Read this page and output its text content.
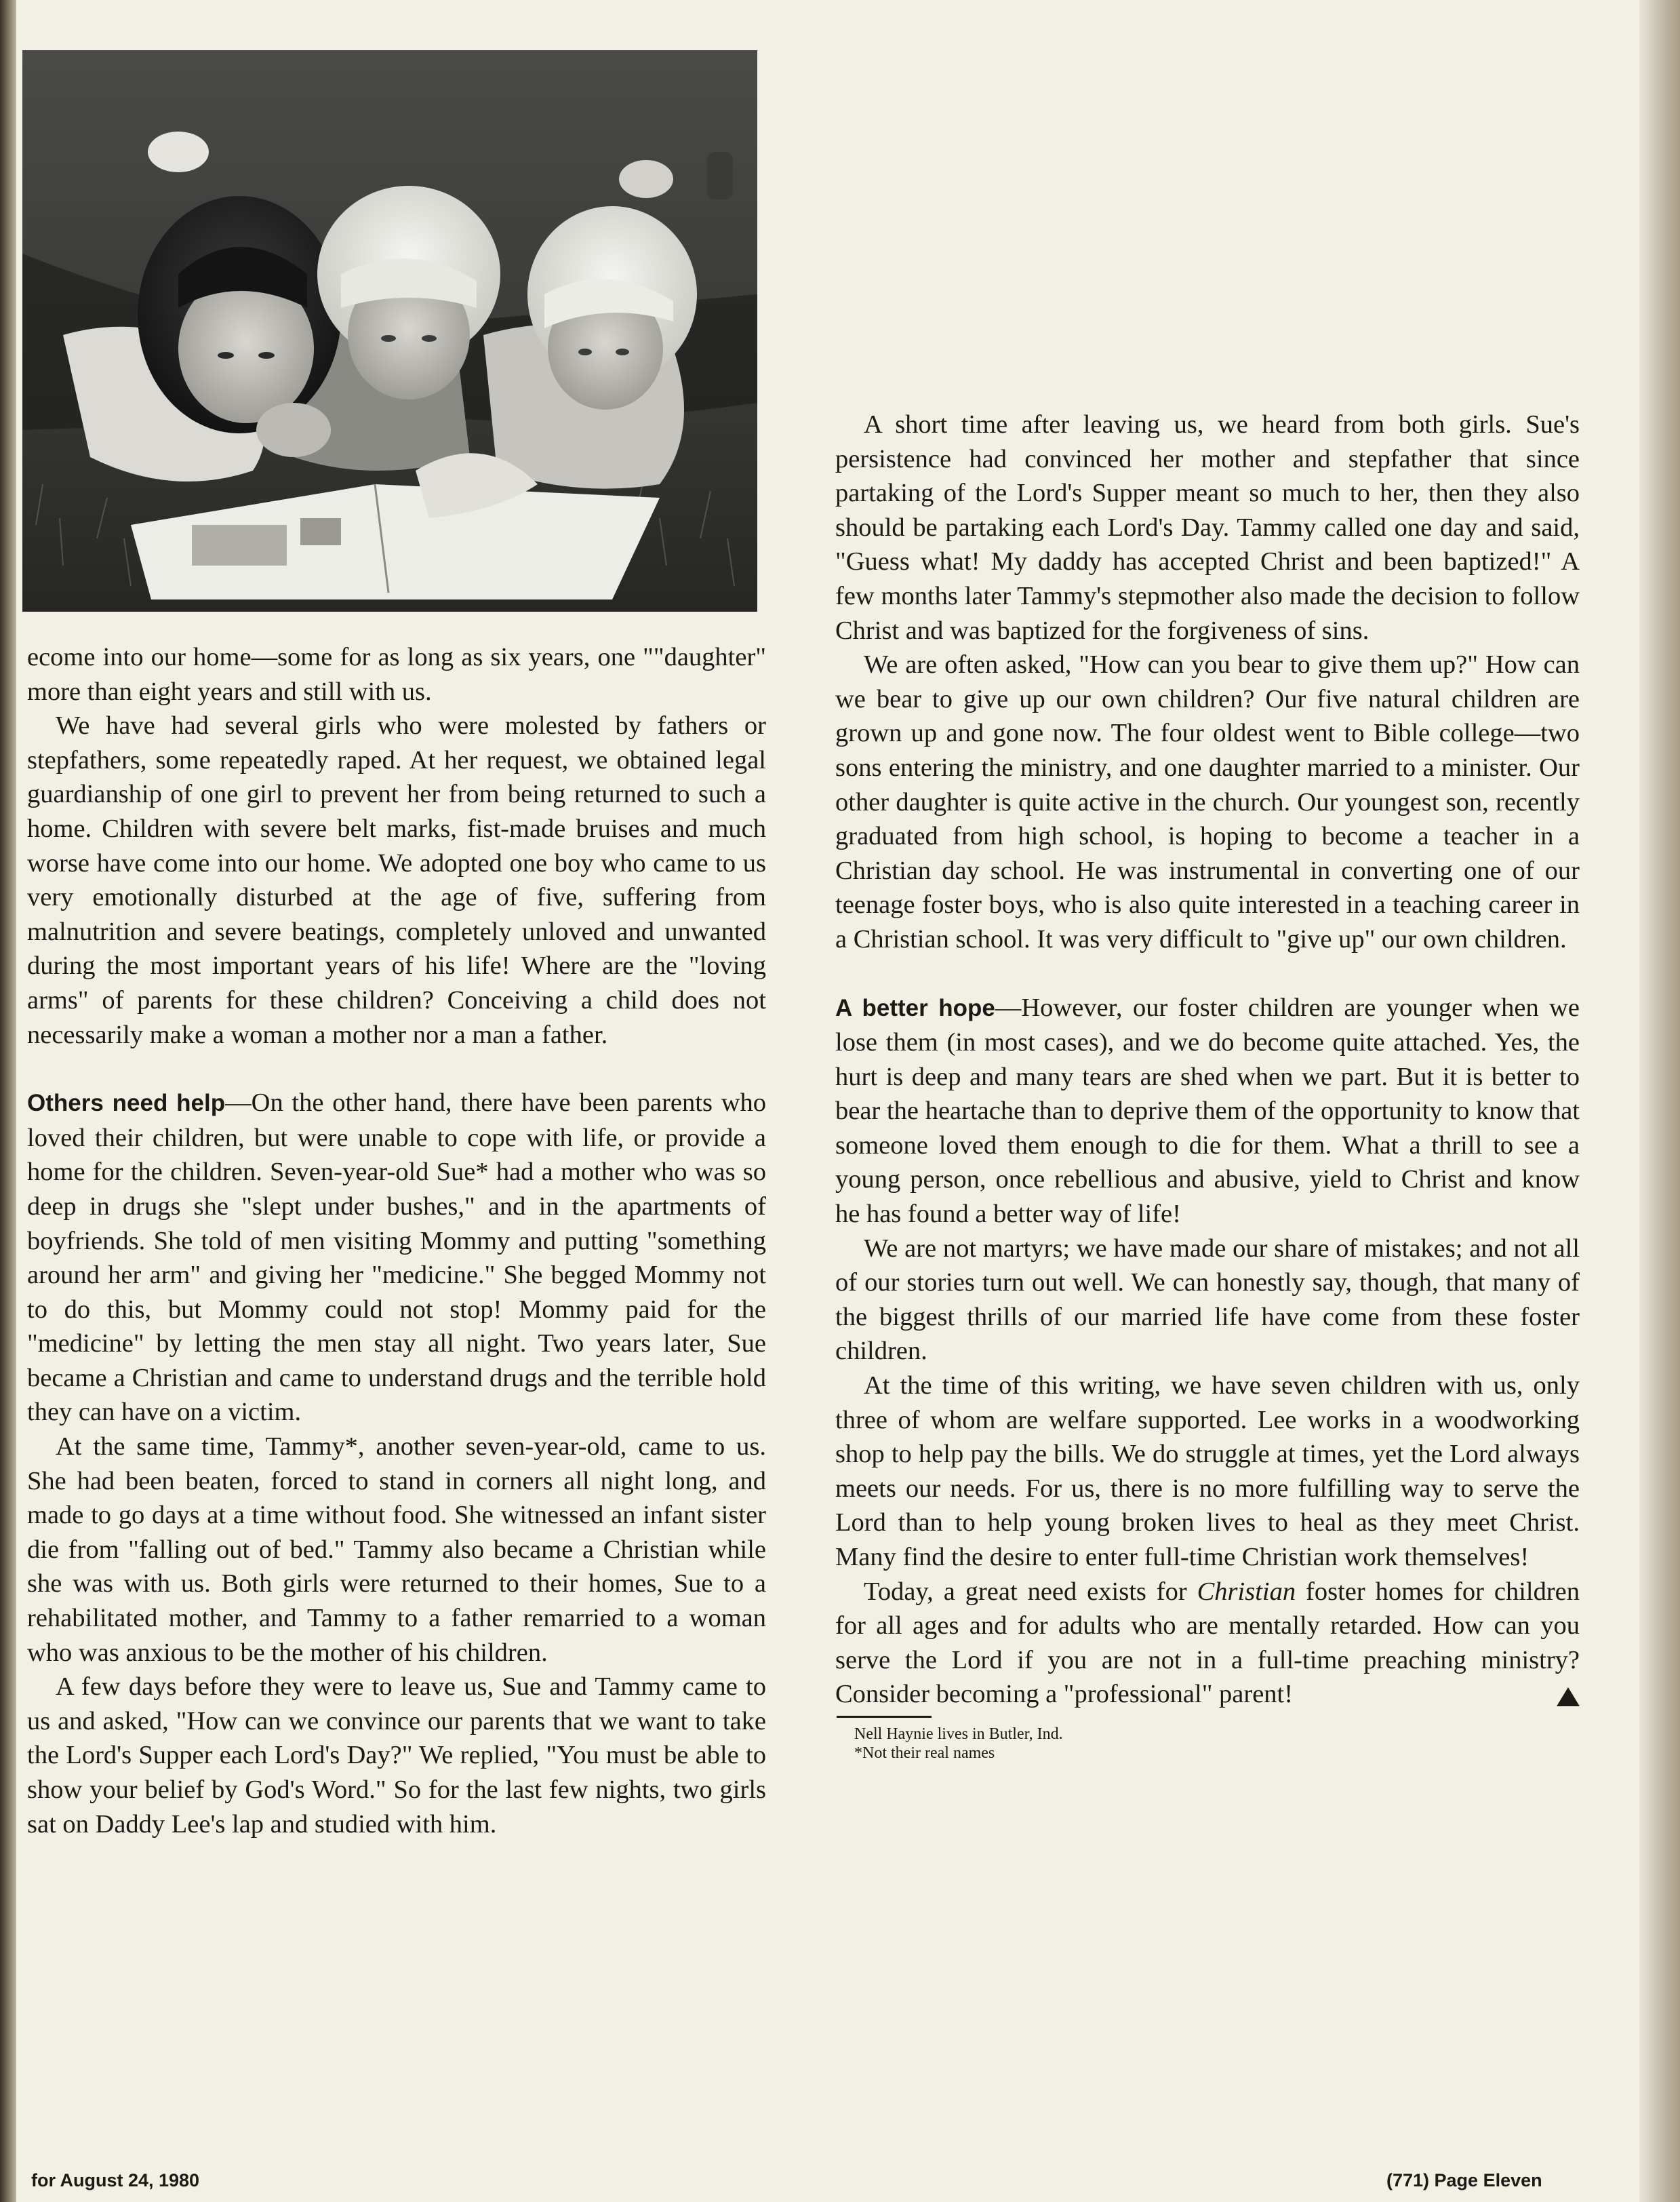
ecome into our home—some for as long as six years, one ""daughter" more than eight years and still with us.

We have had several girls who were molested by fathers or stepfathers, some repeatedly raped. At her request, we obtained legal guardianship of one girl to prevent her from being returned to such a home. Children with severe belt marks, fist-made bruises and much worse have come into our home. We adopted one boy who came to us very emotionally disturbed at the age of five, suffering from malnutrition and severe beatings, completely unloved and unwanted during the most important years of his life! Where are the "loving arms" of parents for these children? Conceiving a child does not necessarily make a woman a mother nor a man a father.

Others need help—On the other hand, there have been parents who loved their children, but were unable to cope with life, or provide a home for the children. Seven-year-old Sue* had a mother who was so deep in drugs she "slept under bushes," and in the apartments of boyfriends. She told of men visiting Mommy and putting "something around her arm" and giving her "medicine." She begged Mommy not to do this, but Mommy could not stop! Mommy paid for the "medicine" by letting the men stay all night. Two years later, Sue became a Christian and came to understand drugs and the terrible hold they can have on a victim.

At the same time, Tammy*, another seven-year-old, came to us. She had been beaten, forced to stand in corners all night long, and made to go days at a time without food. She witnessed an infant sister die from "falling out of bed." Tammy also became a Christian while she was with us. Both girls were returned to their homes, Sue to a rehabilitated mother, and Tammy to a father remarried to a woman who was anxious to be the mother of his children.

A few days before they were to leave us, Sue and Tammy came to us and asked, "How can we convince our parents that we want to take the Lord's Supper each Lord's Day?" We replied, "You must be able to show your belief by God's Word." So for the last few nights, two girls sat on Daddy Lee's lap and studied with him.

A short time after leaving us, we heard from both girls. Sue's persistence had convinced her mother and stepfather that since partaking of the Lord's Supper meant so much to her, then they also should be partaking each Lord's Day. Tammy called one day and said, "Guess what! My daddy has accepted Christ and been baptized!" A few months later Tammy's stepmother also made the decision to follow Christ and was baptized for the forgiveness of sins.

We are often asked, "How can you bear to give them up?" How can we bear to give up our own children? Our five natural children are grown up and gone now. The four oldest went to Bible college—two sons entering the ministry, and one daughter married to a minister. Our other daughter is quite active in the church. Our youngest son, recently graduated from high school, is hoping to become a teacher in a Christian day school. He was instrumental in converting one of our teenage foster boys, who is also quite interested in a teaching career in a Christian school. It was very difficult to "give up" our own children.

A better hope—However, our foster children are younger when we lose them (in most cases), and we do become quite attached. Yes, the hurt is deep and many tears are shed when we part. But it is better to bear the heartache than to deprive them of the opportunity to know that someone loved them enough to die for them. What a thrill to see a young person, once rebellious and abusive, yield to Christ and know he has found a better way of life!

We are not martyrs; we have made our share of mistakes; and not all of our stories turn out well. We can honestly say, though, that many of the biggest thrills of our married life have come from these foster children.

At the time of this writing, we have seven children with us, only three of whom are welfare supported. Lee works in a woodworking shop to help pay the bills. We do struggle at times, yet the Lord always meets our needs. For us, there is no more fulfilling way to serve the Lord than to help young broken lives to heal as they meet Christ. Many find the desire to enter full-time Christian work themselves!

Today, a great need exists for Christian foster homes for children for all ages and for adults who are mentally retarded. How can you serve the Lord if you are not in a full-time preaching ministry? Consider becoming a "professional" parent!

Nell Haynie lives in Butler, Ind.
*Not their real names
for August 24, 1980	(771) Page Eleven
